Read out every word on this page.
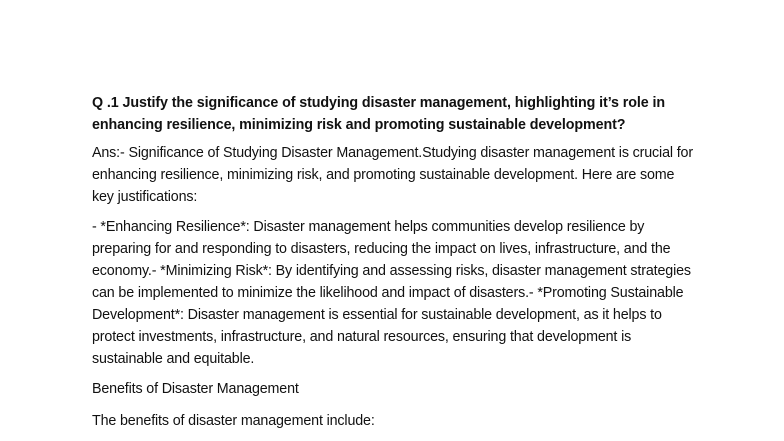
Q .1 Justify the significance of studying disaster management, highlighting it’s role in enhancing resilience, minimizing risk and promoting sustainable development?

Ans:- Significance of Studying Disaster Management.Studying disaster management is crucial for enhancing resilience, minimizing risk, and promoting sustainable development. Here are some key justifications:

- *Enhancing Resilience*: Disaster management helps communities develop resilience by preparing for and responding to disasters, reducing the impact on lives, infrastructure, and the economy.- *Minimizing Risk*: By identifying and assessing risks, disaster management strategies can be implemented to minimize the likelihood and impact of disasters.- *Promoting Sustainable Development*: Disaster management is essential for sustainable development, as it helps to protect investments, infrastructure, and natural resources, ensuring that development is sustainable and equitable.

Benefits of Disaster Management

The benefits of disaster management include:
